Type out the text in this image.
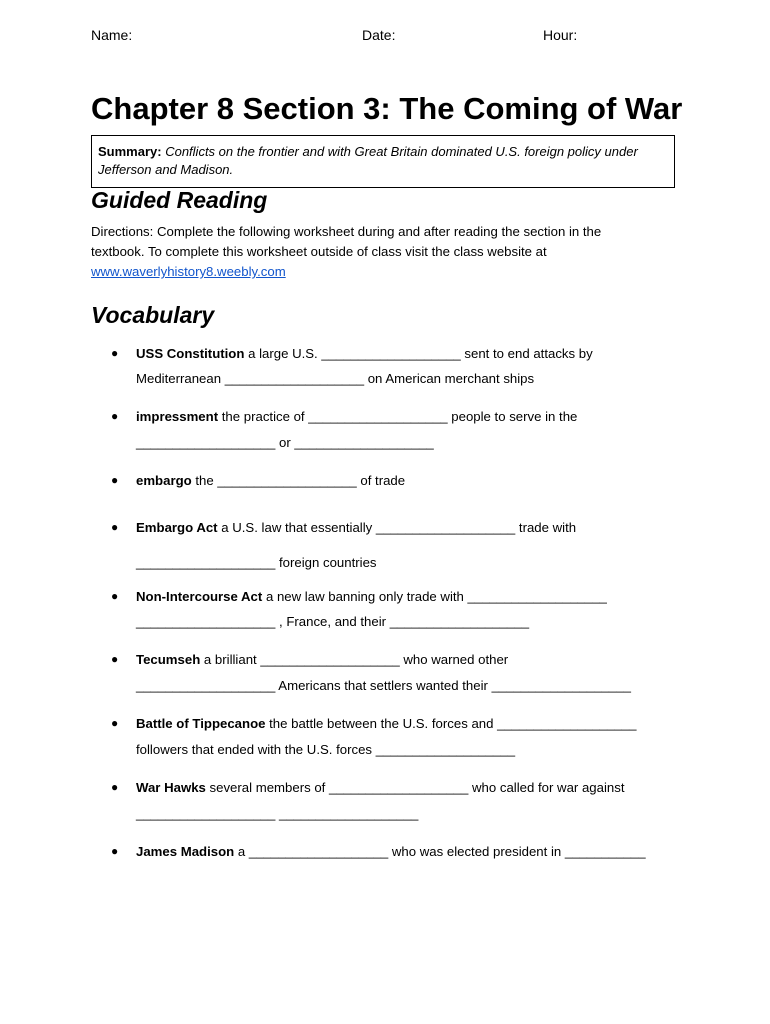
Name:	Date:	Hour:
Chapter 8 Section 3: The Coming of War
Summary: Conflicts on the frontier and with Great Britain dominated U.S. foreign policy under Jefferson and Madison.
Guided Reading
Directions: Complete the following worksheet during and after reading the section in the textbook. To complete this worksheet outside of class visit the class website at
www.waverlyhistory8.weebly.com
Vocabulary
● USS Constitution a large U.S. ___________________ sent to end attacks by
Mediterranean ___________________ on American merchant ships
● impressment the practice of ___________________ people to serve in the
___________________ or ___________________
● embargo the ___________________ of trade
● Embargo Act a U.S. law that essentially ___________________ trade with
___________________ foreign countries
● Non-Intercourse Act a new law banning only trade with ___________________
___________________ , France, and their ___________________
● Tecumseh a brilliant ___________________ who warned other
___________________ Americans that settlers wanted their ___________________
● Battle of Tippecanoe the battle between the U.S. forces and ___________________
followers that ended with the U.S. forces ___________________
● War Hawks several members of ___________________ who called for war against
___________________ ___________________
● James Madison a ___________________ who was elected president in ___________
